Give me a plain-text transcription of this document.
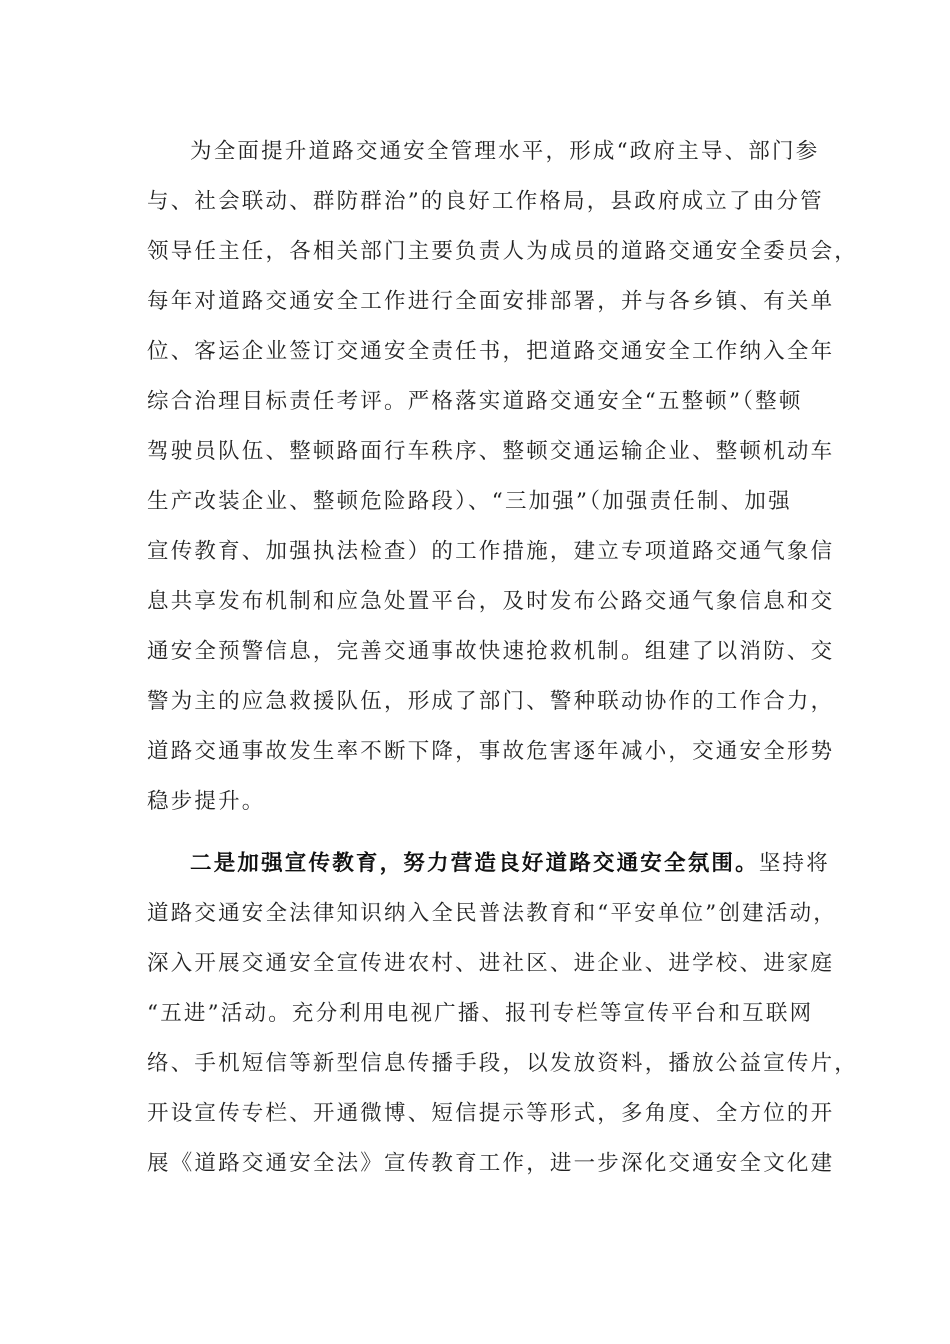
为全面提升道路交通安全管理水平，形成“政府主导、部门参
与、社会联动、群防群治”的良好工作格局，县政府成立了由分管
领导任主任，各相关部门主要负责人为成员的道路交通安全委员会，
每年对道路交通安全工作进行全面安排部署，并与各乡镇、有关单
位、客运企业签订交通安全责任书，把道路交通安全工作纳入全年
综合治理目标责任考评。严格落实道路交通安全“五整顿”（整顿
驾驶员队伍、整顿路面行车秩序、整顿交通运输企业、整顿机动车
生产改装企业、整顿危险路段）、“三加强”（加强责任制、加强
宣传教育、加强执法检查）的工作措施，建立专项道路交通气象信
息共享发布机制和应急处置平台，及时发布公路交通气象信息和交
通安全预警信息，完善交通事故快速抢救机制。组建了以消防、交
警为主的应急救援队伍，形成了部门、警种联动协作的工作合力，
道路交通事故发生率不断下降，事故危害逐年减小，交通安全形势
稳步提升。
二是加强宣传教育，努力营造良好道路交通安全氛围。坚持将
道路交通安全法律知识纳入全民普法教育和“平安单位”创建活动，
深入开展交通安全宣传进农村、进社区、进企业、进学校、进家庭
“五进”活动。充分利用电视广播、报刊专栏等宣传平台和互联网
络、手机短信等新型信息传播手段，以发放资料，播放公益宣传片，
开设宣传专栏、开通微博、短信提示等形式，多角度、全方位的开
展《道路交通安全法》宣传教育工作，进一步深化交通安全文化建
